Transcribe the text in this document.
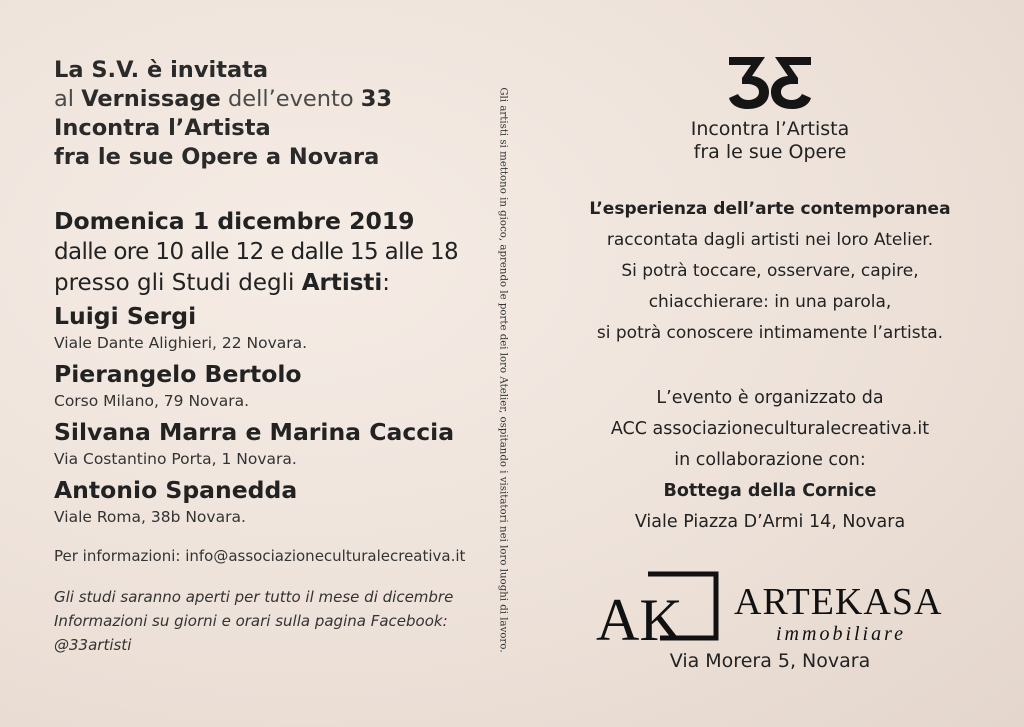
La S.V. è invitata
al Vernissage dell’evento 33
Incontra l’Artista
fra le sue Opere a Novara
Domenica 1 dicembre 2019
dalle ore 10 alle 12 e dalle 15 alle 18
presso gli Studi degli Artisti:
Luigi Sergi
Viale Dante Alighieri, 22 Novara.
Pierangelo Bertolo
Corso Milano, 79 Novara.
Silvana Marra e Marina Caccia
Via Costantino Porta, 1 Novara.
Antonio Spanedda
Viale Roma, 38b Novara.
Per informazioni: info@associazioneculturalecreativa.it
Gli studi saranno aperti per tutto il mese di dicembre
Informazioni su giorni e orari sulla pagina Facebook:
@33artisti	Gli artisti si mettono in gioco, aprendo le porte dei loro Atelier, ospitando i visitatori nei loro luoghi di lavoro.	Incontra l’Artista
fra le sue Opere
L’esperienza dell’arte contemporanea
raccontata dagli artisti nei loro Atelier.
Si potrà toccare, osservare, capire,
chiacchierare: in una parola,
si potrà conoscere intimamente l’artista.
L’evento è organizzato da
ACC associazioneculturalecreativa.it
in collaborazione con:
Bottega della Cornice
Viale Piazza D’Armi 14, Novara
AK ARTEKASA
immobiliare
Via Morera 5, Novara
